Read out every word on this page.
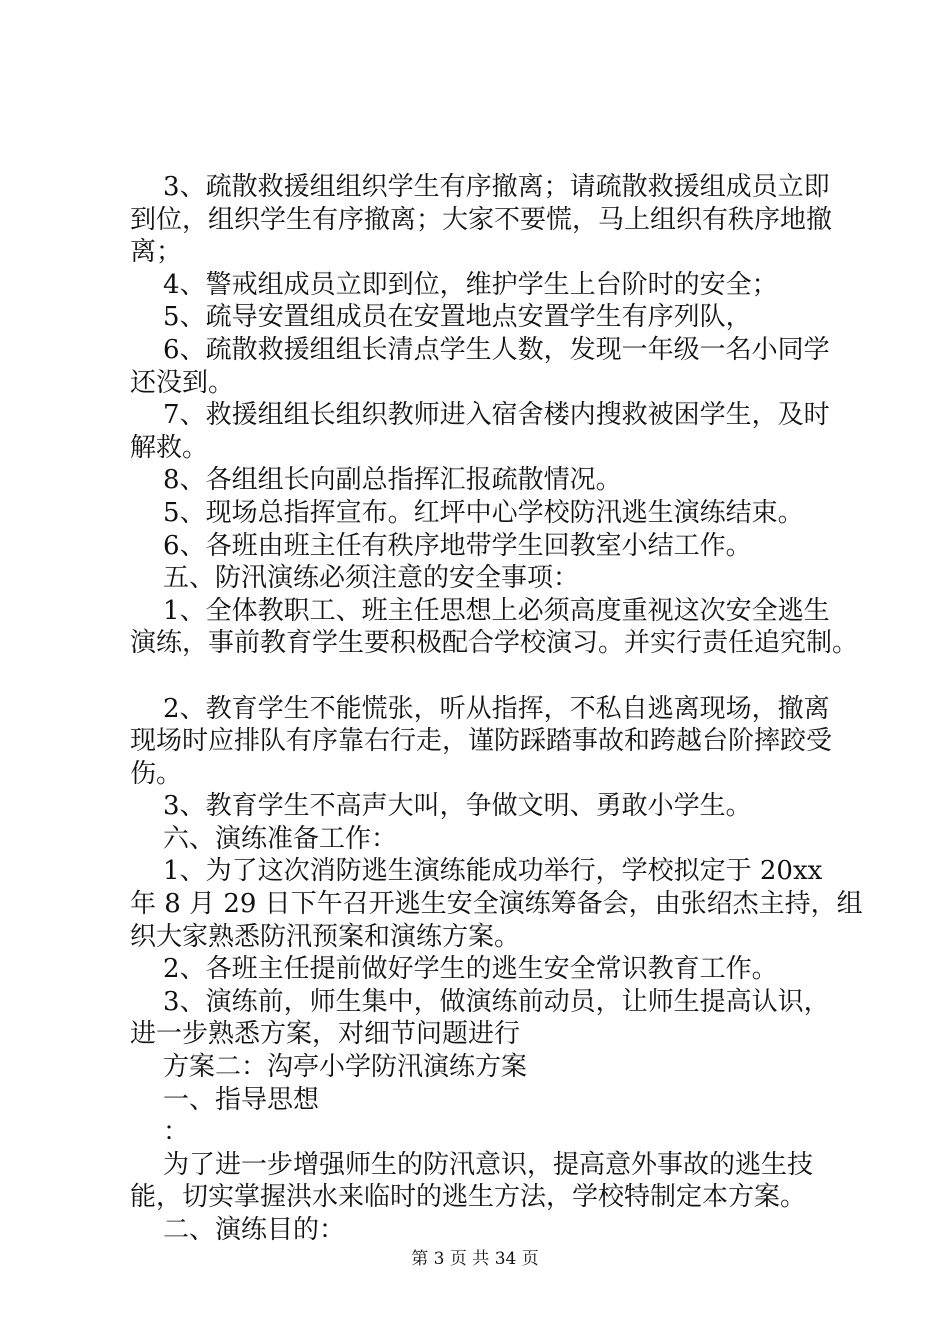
3、疏散救援组组织学生有序撤离；请疏散救援组成员立即
到位，组织学生有序撤离；大家不要慌，马上组织有秩序地撤
离；
4、警戒组成员立即到位，维护学生上台阶时的安全；
5、疏导安置组成员在安置地点安置学生有序列队，
6、疏散救援组组长清点学生人数，发现一年级一名小同学
还没到。
7、救援组组长组织教师进入宿舍楼内搜救被困学生，及时
解救。
8、各组组长向副总指挥汇报疏散情况。
5、现场总指挥宣布。红坪中心学校防汛逃生演练结束。
6、各班由班主任有秩序地带学生回教室小结工作。
五、防汛演练必须注意的安全事项：
1、全体教职工、班主任思想上必须高度重视这次安全逃生
演练，事前教育学生要积极配合学校演习。并实行责任追究制。
2、教育学生不能慌张，听从指挥，不私自逃离现场，撤离
现场时应排队有序靠右行走，谨防踩踏事故和跨越台阶摔跤受
伤。
3、教育学生不高声大叫，争做文明、勇敢小学生。
六、演练准备工作：
1、为了这次消防逃生演练能成功举行，学校拟定于 20xx
年 8 月 29 日下午召开逃生安全演练筹备会，由张绍杰主持，组
织大家熟悉防汛预案和演练方案。
2、各班主任提前做好学生的逃生安全常识教育工作。
3、演练前，师生集中，做演练前动员，让师生提高认识，
进一步熟悉方案，对细节问题进行
方案二：沟亭小学防汛演练方案
一、指导思想
：
为了进一步增强师生的防汛意识，提高意外事故的逃生技
能，切实掌握洪水来临时的逃生方法，学校特制定本方案。
二、演练目的：
第 3 页 共 34 页
